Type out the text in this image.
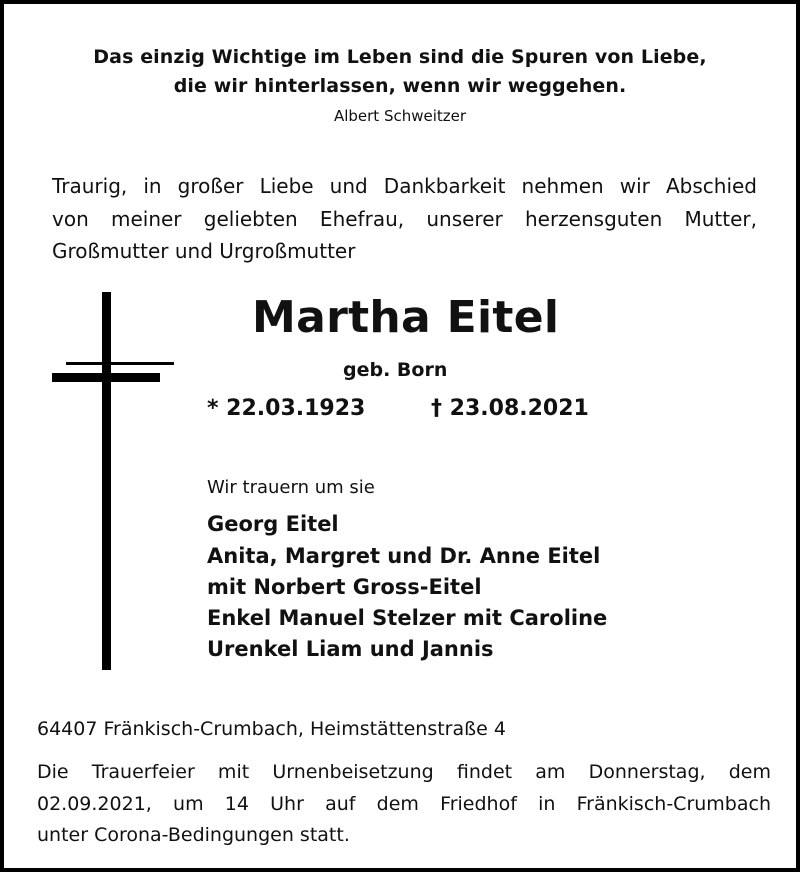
Das einzig Wichtige im Leben sind die Spuren von Liebe,
die wir hinterlassen, wenn wir weggehen.
Albert Schweitzer
Traurig, in großer Liebe und Dankbarkeit nehmen wir Abschied
von meiner geliebten Ehefrau, unserer herzensguten Mutter,
Großmutter und Urgroßmutter
Martha Eitel
geb. Born
* 22.03.1923	† 23.08.2021
Wir trauern um sie
Georg Eitel
Anita, Margret und Dr. Anne Eitel
mit Norbert Gross-Eitel
Enkel Manuel Stelzer mit Caroline
Urenkel Liam und Jannis
64407 Fränkisch-Crumbach, Heimstättenstraße 4
Die Trauerfeier mit Urnenbeisetzung findet am Donnerstag, dem
02.09.2021, um 14 Uhr auf dem Friedhof in Fränkisch-Crumbach
unter Corona-Bedingungen statt.
